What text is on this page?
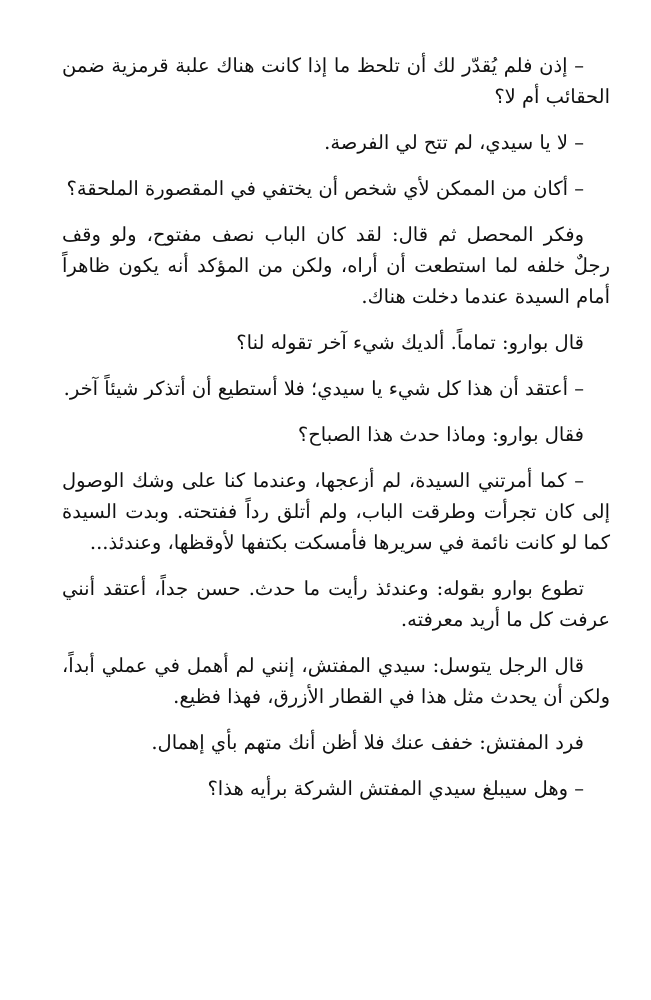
– إذن فلم يُقدّر لك أن تلحظ ما إذا كانت هناك علبة قرمزية ضمن الحقائب أم لا؟

– لا يا سيدي، لم تتح لي الفرصة.

– أكان من الممكن لأي شخص أن يختفي في المقصورة الملحقة؟

وفكر المحصل ثم قال: لقد كان الباب نصف مفتوح، ولو وقف رجلٌ خلفه لما استطعت أن أراه، ولكن من المؤكد أنه يكون ظاهراً أمام السيدة عندما دخلت هناك.

قال بوارو: تماماً. ألديك شيء آخر تقوله لنا؟

– أعتقد أن هذا كل شيء يا سيدي؛ فلا أستطيع أن أتذكر شيئاً آخر.

فقال بوارو: وماذا حدث هذا الصباح؟

– كما أمرتني السيدة، لم أزعجها، وعندما كنا على وشك الوصول إلى كان تجرأت وطرقت الباب، ولم أتلق رداً ففتحته. وبدت السيدة كما لو كانت نائمة في سريرها فأمسكت بكتفها لأوقظها، وعندئذ...

تطوع بوارو بقوله: وعندئذ رأيت ما حدث. حسن جداً، أعتقد أنني عرفت كل ما أريد معرفته.

قال الرجل يتوسل: سيدي المفتش، إنني لم أهمل في عملي أبداً، ولكن أن يحدث مثل هذا في القطار الأزرق، فهذا فظيع.

فرد المفتش: خفف عنك فلا أظن أنك متهم بأي إهمال.

– وهل سيبلغ سيدي المفتش الشركة برأيه هذا؟
